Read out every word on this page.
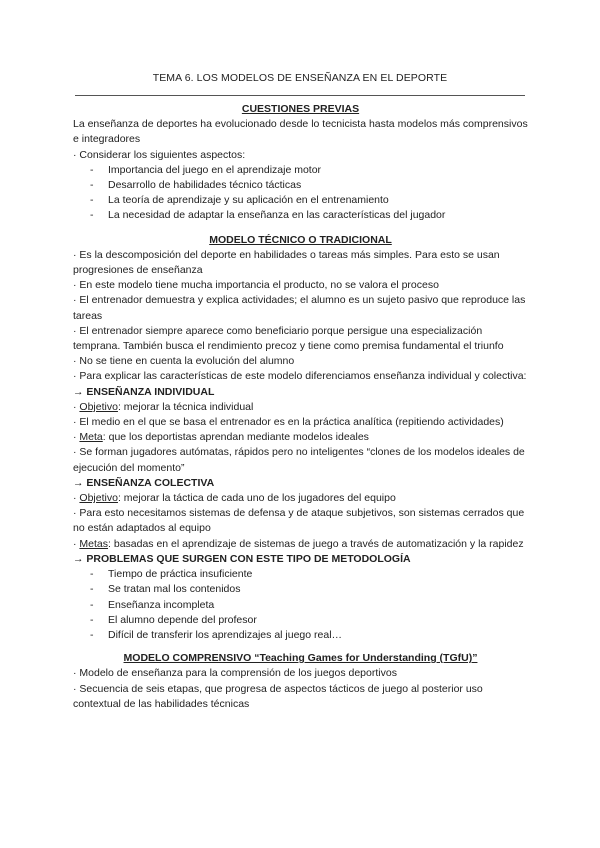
TEMA 6. LOS MODELOS DE ENSEÑANZA EN EL DEPORTE

CUESTIONES PREVIAS

La enseñanza de deportes ha evolucionado desde lo tecnicista hasta modelos más comprensivos e integradores

· Considerar los siguientes aspectos:

- Importancia del juego en el aprendizaje motor
- Desarrollo de habilidades técnico tácticas
- La teoría de aprendizaje y su aplicación en el entrenamiento
- La necesidad de adaptar la enseñanza en las características del jugador

MODELO TÉCNICO O TRADICIONAL

· Es la descomposición del deporte en habilidades o tareas más simples. Para esto se usan progresiones de enseñanza

· En este modelo tiene mucha importancia el producto, no se valora el proceso

· El entrenador demuestra y explica actividades; el alumno es un sujeto pasivo que reproduce las tareas

· El entrenador siempre aparece como beneficiario porque persigue una especialización temprana. También busca el rendimiento precoz y tiene como premisa fundamental el triunfo

· No se tiene en cuenta la evolución del alumno

· Para explicar las características de este modelo diferenciamos enseñanza individual y colectiva:

→ ENSEÑANZA INDIVIDUAL

· Objetivo: mejorar la técnica individual

· El medio en el que se basa el entrenador es en la práctica analítica (repitiendo actividades)

· Meta: que los deportistas aprendan mediante modelos ideales

· Se forman jugadores autómatas, rápidos pero no inteligentes “clones de los modelos ideales de ejecución del momento”

→ ENSEÑANZA COLECTIVA

· Objetivo: mejorar la táctica de cada uno de los jugadores del equipo

· Para esto necesitamos sistemas de defensa y de ataque subjetivos, son sistemas cerrados que no están adaptados al equipo

· Metas: basadas en el aprendizaje de sistemas de juego a través de automatización y la rapidez

→ PROBLEMAS QUE SURGEN CON ESTE TIPO DE METODOLOGÍA

- Tiempo de práctica insuficiente
- Se tratan mal los contenidos
- Enseñanza incompleta
- El alumno depende del profesor
- Difícil de transferir los aprendizajes al juego real…

MODELO COMPRENSIVO “Teaching Games for Understanding (TGfU)”

· Modelo de enseñanza para la comprensión de los juegos deportivos

· Secuencia de seis etapas, que progresa de aspectos tácticos de juego al posterior uso contextual de las habilidades técnicas
